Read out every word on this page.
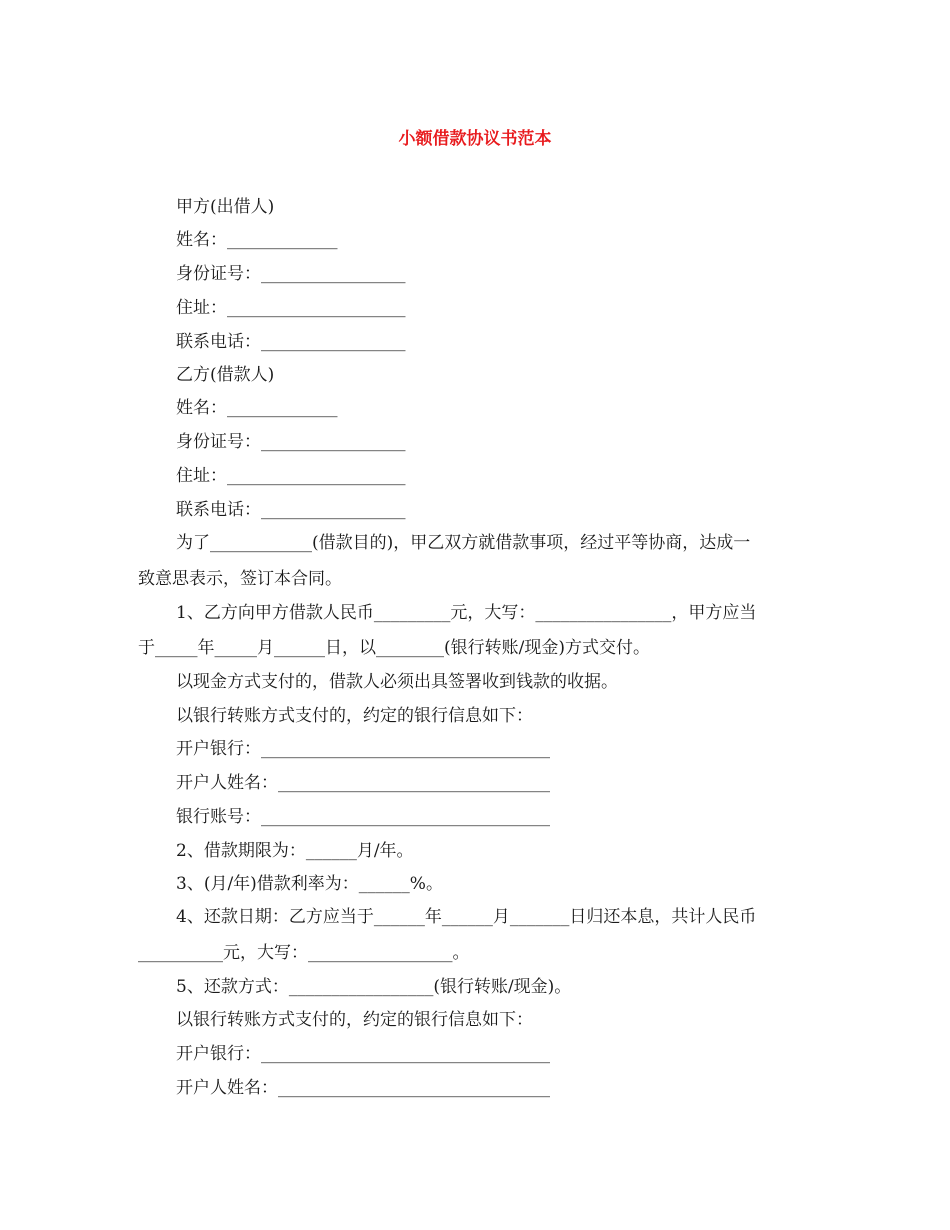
小额借款协议书范本
甲方(出借人)
姓名：_____________
身份证号：_________________
住址：_____________________
联系电话：_________________
乙方(借款人)
姓名：_____________
身份证号：_________________
住址：_____________________
联系电话：_________________
为了____________(借款目的)，甲乙双方就借款事项，经过平等协商，达成一
致意思表示，签订本合同。
1、乙方向甲方借款人民币_________元，大写：________________，甲方应当
于_____年_____月______日，以________(银行转账/现金)方式交付。
以现金方式支付的，借款人必须出具签署收到钱款的收据。
以银行转账方式支付的，约定的银行信息如下：
开户银行：__________________________________
开户人姓名：________________________________
银行账号：__________________________________
2、借款期限为：______月/年。
3、(月/年)借款利率为：______%。
4、还款日期：乙方应当于______年______月_______日归还本息，共计人民币
__________元，大写：_________________。
5、还款方式：_________________(银行转账/现金)。
以银行转账方式支付的，约定的银行信息如下：
开户银行：__________________________________
开户人姓名：________________________________
